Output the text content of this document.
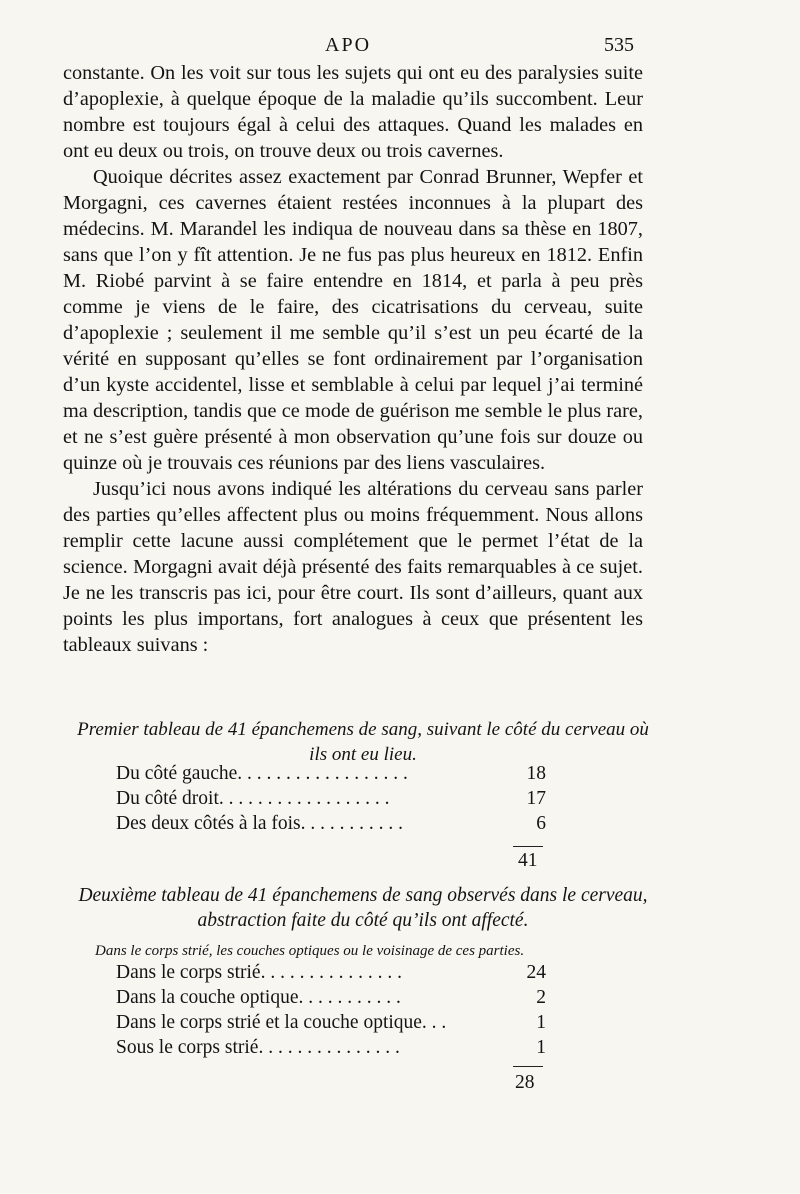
APO	535

constante. On les voit sur tous les sujets qui ont eu des paralysies suite d’apoplexie, à quelque époque de la maladie qu’ils succombent. Leur nombre est toujours égal à celui des attaques. Quand les malades en ont eu deux ou trois, on trouve deux ou trois cavernes.

Quoique décrites assez exactement par Conrad Brunner, Wepfer et Morgagni, ces cavernes étaient restées inconnues à la plupart des médecins. M. Marandel les indiqua de nouveau dans sa thèse en 1807, sans que l’on y fît attention. Je ne fus pas plus heureux en 1812. Enfin M. Riobé parvint à se faire entendre en 1814, et parla à peu près comme je viens de le faire, des cicatrisations du cerveau, suite d’apoplexie ; seulement il me semble qu’il s’est un peu écarté de la vérité en supposant qu’elles se font ordinairement par l’organisation d’un kyste accidentel, lisse et semblable à celui par lequel j’ai terminé ma description, tandis que ce mode de guérison me semble le plus rare, et ne s’est guère présenté à mon observation qu’une fois sur douze ou quinze où je trouvais ces réunions par des liens vasculaires.

Jusqu’ici nous avons indiqué les altérations du cerveau sans parler des parties qu’elles affectent plus ou moins fréquemment. Nous allons remplir cette lacune aussi complétement que le permet l’état de la science. Morgagni avait déjà présenté des faits remarquables à ce sujet. Je ne les transcris pas ici, pour être court. Ils sont d’ailleurs, quant aux points les plus importans, fort analogues à ceux que présentent les tableaux suivans :

Premier tableau de 41 épanchemens de sang, suivant le côté du cerveau où ils ont eu lieu.
Du côté gauche. . . . . . . . . . . . . . . . . .	18
Du côté droit. . . . . . . . . . . . . . . . . .	17
Des deux côtés à la fois. . . . . . . . . . .	6
41
Deuxième tableau de 41 épanchemens de sang observés dans le cerveau, abstraction faite du côté qu’ils ont affecté.
Dans le corps strié, les couches optiques ou le voisinage de ces parties.
Dans le corps strié. . . . . . . . . . . . . . .	24
Dans la couche optique. . . . . . . . . . .	2
Dans le corps strié et la couche optique. . .	1
Sous le corps strié. . . . . . . . . . . . . . .	1
28
